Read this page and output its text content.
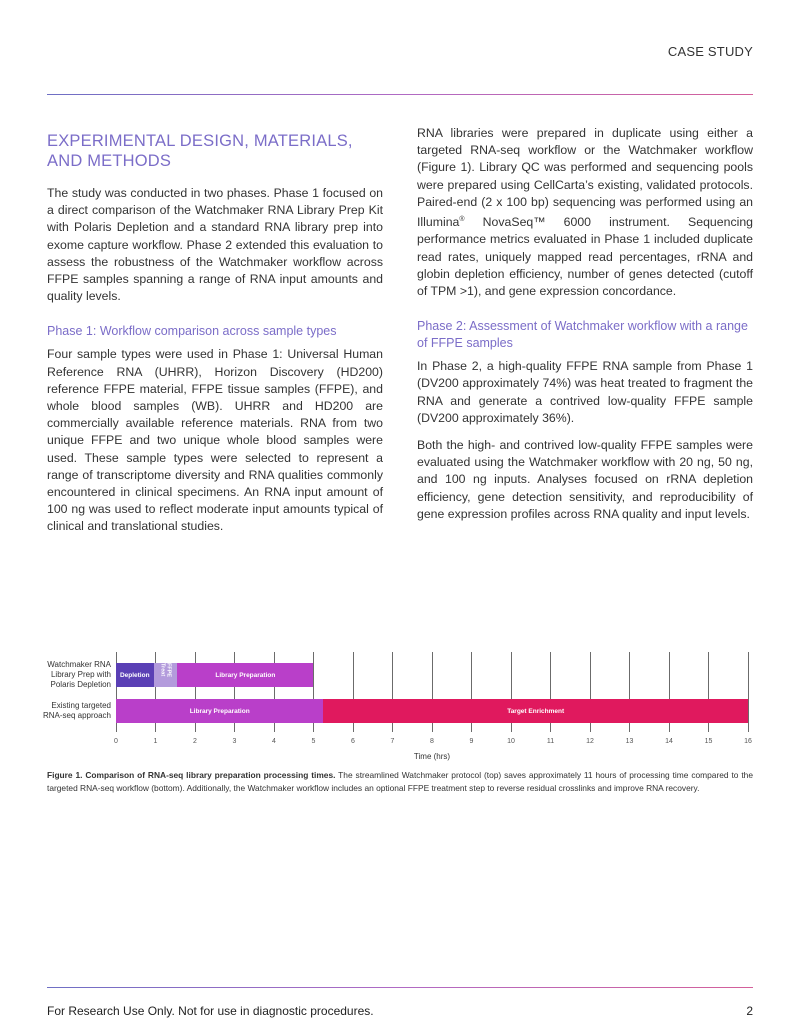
CASE STUDY
EXPERIMENTAL DESIGN, MATERIALS, AND METHODS

The study was conducted in two phases. Phase 1 focused on a direct comparison of the Watchmaker RNA Library Prep Kit with Polaris Depletion and a standard RNA library prep into exome capture workflow. Phase 2 extended this evaluation to assess the robustness of the Watchmaker workflow across FFPE samples spanning a range of RNA input amounts and quality levels.

Phase 1: Workflow comparison across sample types

Four sample types were used in Phase 1: Universal Human Reference RNA (UHRR), Horizon Discovery (HD200) reference FFPE material, FFPE tissue samples (FFPE), and whole blood samples (WB). UHRR and HD200 are commercially available reference materials. RNA from two unique FFPE and two unique whole blood samples were used. These sample types were selected to represent a range of transcriptome diversity and RNA qualities commonly encountered in clinical specimens. An RNA input amount of 100 ng was used to reflect moderate input amounts typical of clinical and translational studies.

RNA libraries were prepared in duplicate using either a targeted RNA-seq workflow or the Watchmaker workflow (Figure 1). Library QC was performed and sequencing pools were prepared using CellCarta’s existing, validated protocols. Paired-end (2 x 100 bp) sequencing was performed using an Illumina® NovaSeq™ 6000 instrument. Sequencing performance metrics evaluated in Phase 1 included duplicate read rates, uniquely mapped read percentages, rRNA and globin depletion efficiency, number of genes detected (cutoff of TPM >1), and gene expression concordance.

Phase 2: Assessment of Watchmaker workflow with a range of FFPE samples

In Phase 2, a high-quality FFPE RNA sample from Phase 1 (DV200 approximately 74%) was heat treated to fragment the RNA and generate a contrived low-quality FFPE sample (DV200 approximately 36%).

Both the high- and contrived low-quality FFPE samples were evaluated using the Watchmaker workflow with 20 ng, 50 ng, and 100 ng inputs. Analyses focused on rRNA depletion efficiency, gene detection sensitivity, and reproducibility of gene expression profiles across RNA quality and input levels.

Depletion	FFPE Treat	Library Preparation
Watchmaker RNA
Library Prep with
Polaris Depletion
Library Preparation	Target Enrichment
Existing targeted
RNA-seq approach
0	1	2	3	4	5	6	7	8	9	10	11	12	13	14	15	16
Time (hrs)

Figure 1. Comparison of RNA-seq library preparation processing times. The streamlined Watchmaker protocol (top) saves approximately 11 hours of processing time compared to the targeted RNA-seq workflow (bottom). Additionally, the Watchmaker workflow includes an optional FFPE treatment step to reverse residual crosslinks and improve RNA recovery.

For Research Use Only. Not for use in diagnostic procedures.	2
